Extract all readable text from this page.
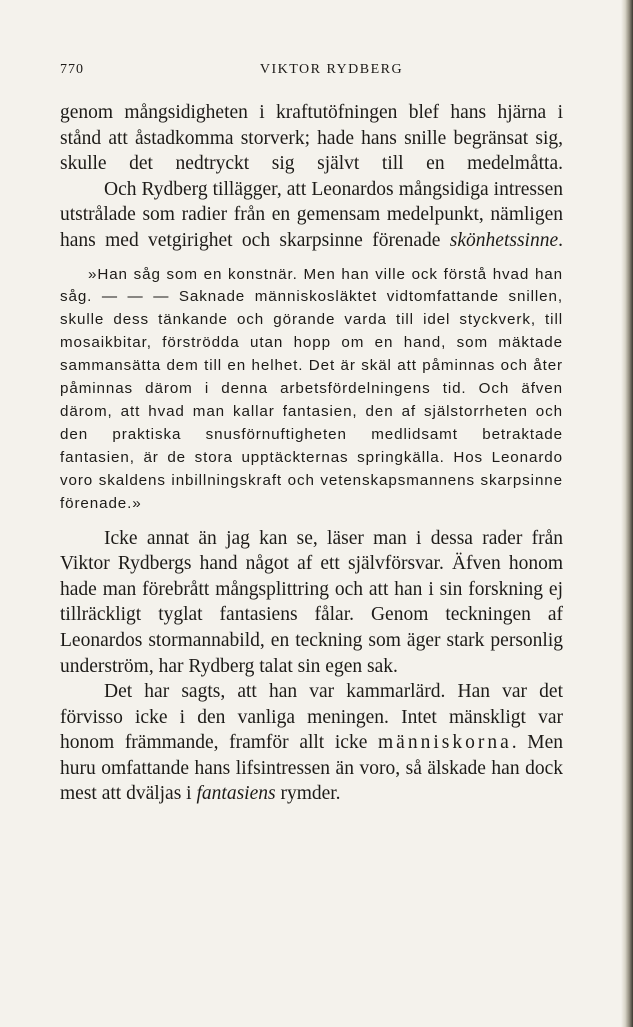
770	VIKTOR RYDBERG

genom mångsidigheten i kraftutöfningen blef hans hjärna i stånd att åstadkomma storverk; hade hans snille begränsat sig, skulle det nedtryckt sig självt till en medelmåtta.

Och Rydberg tillägger, att Leonardos mångsidiga intressen utstrålade som radier från en gemensam medelpunkt, nämligen hans med vetgirighet och skarpsinne förenade skönhetssinne.

»Han såg som en konstnär. Men han ville ock förstå hvad han såg. — — — Saknade människosläktet vidtomfattande snillen, skulle dess tänkande och görande varda till idel styckverk, till mosaikbitar, förströdda utan hopp om en hand, som mäktade sammansätta dem till en helhet. Det är skäl att påminnas och åter påminnas därom i denna arbetsfördelningens tid. Och äfven därom, att hvad man kallar fantasien, den af själstorrheten och den praktiska snusförnuftigheten medlidsamt betraktade fantasien, är de stora upptäckternas springkälla. Hos Leonardo voro skaldens inbillningskraft och vetenskapsmannens skarpsinne förenade.»

Icke annat än jag kan se, läser man i dessa rader från Viktor Rydbergs hand något af ett självförsvar. Äfven honom hade man förebrått mångsplittring och att han i sin forskning ej tillräckligt tyglat fantasiens fålar. Genom teckningen af Leonardos stormannabild, en teckning som äger stark personlig underström, har Rydberg talat sin egen sak.

Det har sagts, att han var kammarlärd. Han var det förvisso icke i den vanliga meningen. Intet mänskligt var honom främmande, framför allt icke människorna. Men huru omfattande hans lifsintressen än voro, så älskade han dock mest att dväljas i fantasiens rymder.
